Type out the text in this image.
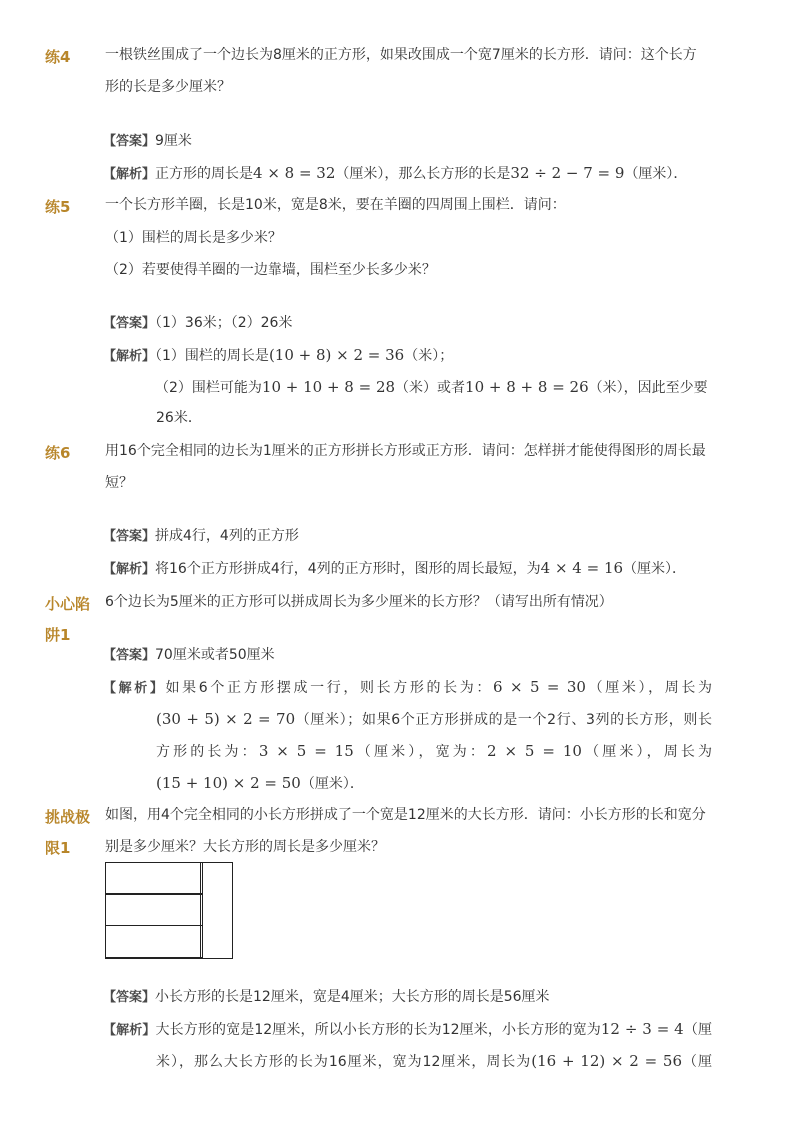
练4 一根铁丝围成了一个边长为8厘米的正方形，如果改围成一个宽7厘米的长方形．请问：这个长方
形的长是多少厘米？
【答案】9厘米
【解析】正方形的周长是4 × 8 = 32（厘米），那么长方形的长是32 ÷ 2 − 7 = 9（厘米）．
练5 一个长方形羊圈，长是10米，宽是8米，要在羊圈的四周围上围栏．请问：
（1）围栏的周长是多少米？
（2）若要使得羊圈的一边靠墙，围栏至少长多少米？
【答案】（1）36米；（2）26米
【解析】（1）围栏的周长是(10 + 8) × 2 = 36（米）；
（2）围栏可能为10 + 10 + 8 = 28（米）或者10 + 8 + 8 = 26（米），因此至少要
26米．
练6 用16个完全相同的边长为1厘米的正方形拼长方形或正方形．请问：怎样拼才能使得图形的周长最
短？
【答案】拼成4行，4列的正方形
【解析】将16个正方形拼成4行，4列的正方形时，图形的周长最短，为4 × 4 = 16（厘米）．
小心陷
阱1
6个边长为5厘米的正方形可以拼成周长为多少厘米的长方形？（请写出所有情况）
【答案】70厘米或者50厘米
【解析】如果6个正方形摆成一行，则长方形的长为：6 × 5 = 30（厘米），周长为
(30 + 5) × 2 = 70（厘米）；如果6个正方形拼成的是一个2行、3列的长方形，则长
方形的长为：3 × 5 = 15（厘米），宽为：2 × 5 = 10（厘米），周长为
(15 + 10) × 2 = 50（厘米）．
挑战极
限1
如图，用4个完全相同的小长方形拼成了一个宽是12厘米的大长方形．请问：小长方形的长和宽分
别是多少厘米？大长方形的周长是多少厘米？
【答案】小长方形的长是12厘米，宽是4厘米；大长方形的周长是56厘米
【解析】大长方形的宽是12厘米，所以小长方形的长为12厘米，小长方形的宽为12 ÷ 3 = 4（厘
米），那么大长方形的长为16厘米，宽为12厘米，周长为(16 + 12) × 2 = 56（厘
